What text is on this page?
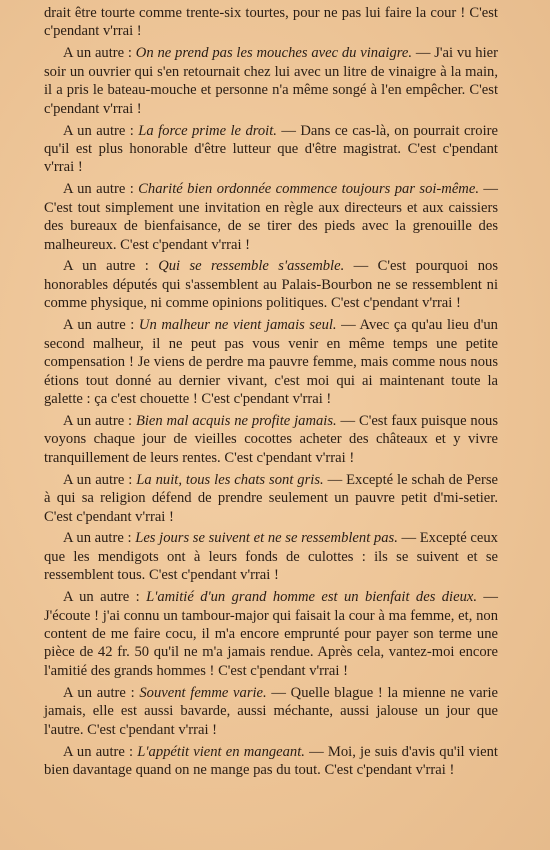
drait être tourte comme trente-six tourtes, pour ne pas lui faire la cour ! C'est c'pendant v'rrai !

A un autre : On ne prend pas les mouches avec du vinaigre. — J'ai vu hier soir un ouvrier qui s'en retournait chez lui avec un litre de vinaigre à la main, il a pris le bateau-mouche et personne n'a même songé à l'en empêcher. C'est c'pendant v'rrai !

A un autre : La force prime le droit. — Dans ce cas-là, on pourrait croire qu'il est plus honorable d'être lutteur que d'être magistrat. C'est c'pendant v'rrai !

A un autre : Charité bien ordonnée commence toujours par soi-même. — C'est tout simplement une invitation en règle aux directeurs et aux caissiers des bureaux de bienfaisance, de se tirer des pieds avec la grenouille des malheureux. C'est c'pendant v'rrai !

A un autre : Qui se ressemble s'assemble. — C'est pourquoi nos honorables députés qui s'assemblent au Palais-Bourbon ne se ressemblent ni comme physique, ni comme opinions politiques. C'est c'pendant v'rrai !

A un autre : Un malheur ne vient jamais seul. — Avec ça qu'au lieu d'un second malheur, il ne peut pas vous venir en même temps une petite compensation ! Je viens de perdre ma pauvre femme, mais comme nous nous étions tout donné au dernier vivant, c'est moi qui ai maintenant toute la galette : ça c'est chouette ! C'est c'pendant v'rrai !

A un autre : Bien mal acquis ne profite jamais. — C'est faux puisque nous voyons chaque jour de vieilles cocottes acheter des châteaux et y vivre tranquillement de leurs rentes. C'est c'pendant v'rrai !

A un autre : La nuit, tous les chats sont gris. — Excepté le schah de Perse à qui sa religion défend de prendre seulement un pauvre petit d'mi-setier. C'est c'pendant v'rrai !

A un autre : Les jours se suivent et ne se ressemblent pas. — Excepté ceux que les mendigots ont à leurs fonds de culottes : ils se suivent et se ressemblent tous. C'est c'pendant v'rrai !

A un autre : L'amitié d'un grand homme est un bienfait des dieux. — J'écoute ! j'ai connu un tambour-major qui faisait la cour à ma femme, et, non content de me faire cocu, il m'a encore emprunté pour payer son terme une pièce de 42 fr. 50 qu'il ne m'a jamais rendue. Après cela, vantez-moi encore l'amitié des grands hommes ! C'est c'pendant v'rrai !

A un autre : Souvent femme varie. — Quelle blague ! la mienne ne varie jamais, elle est aussi bavarde, aussi méchante, aussi jalouse un jour que l'autre. C'est c'pendant v'rrai !

A un autre : L'appétit vient en mangeant. — Moi, je suis d'avis qu'il vient bien davantage quand on ne mange pas du tout. C'est c'pendant v'rrai !
